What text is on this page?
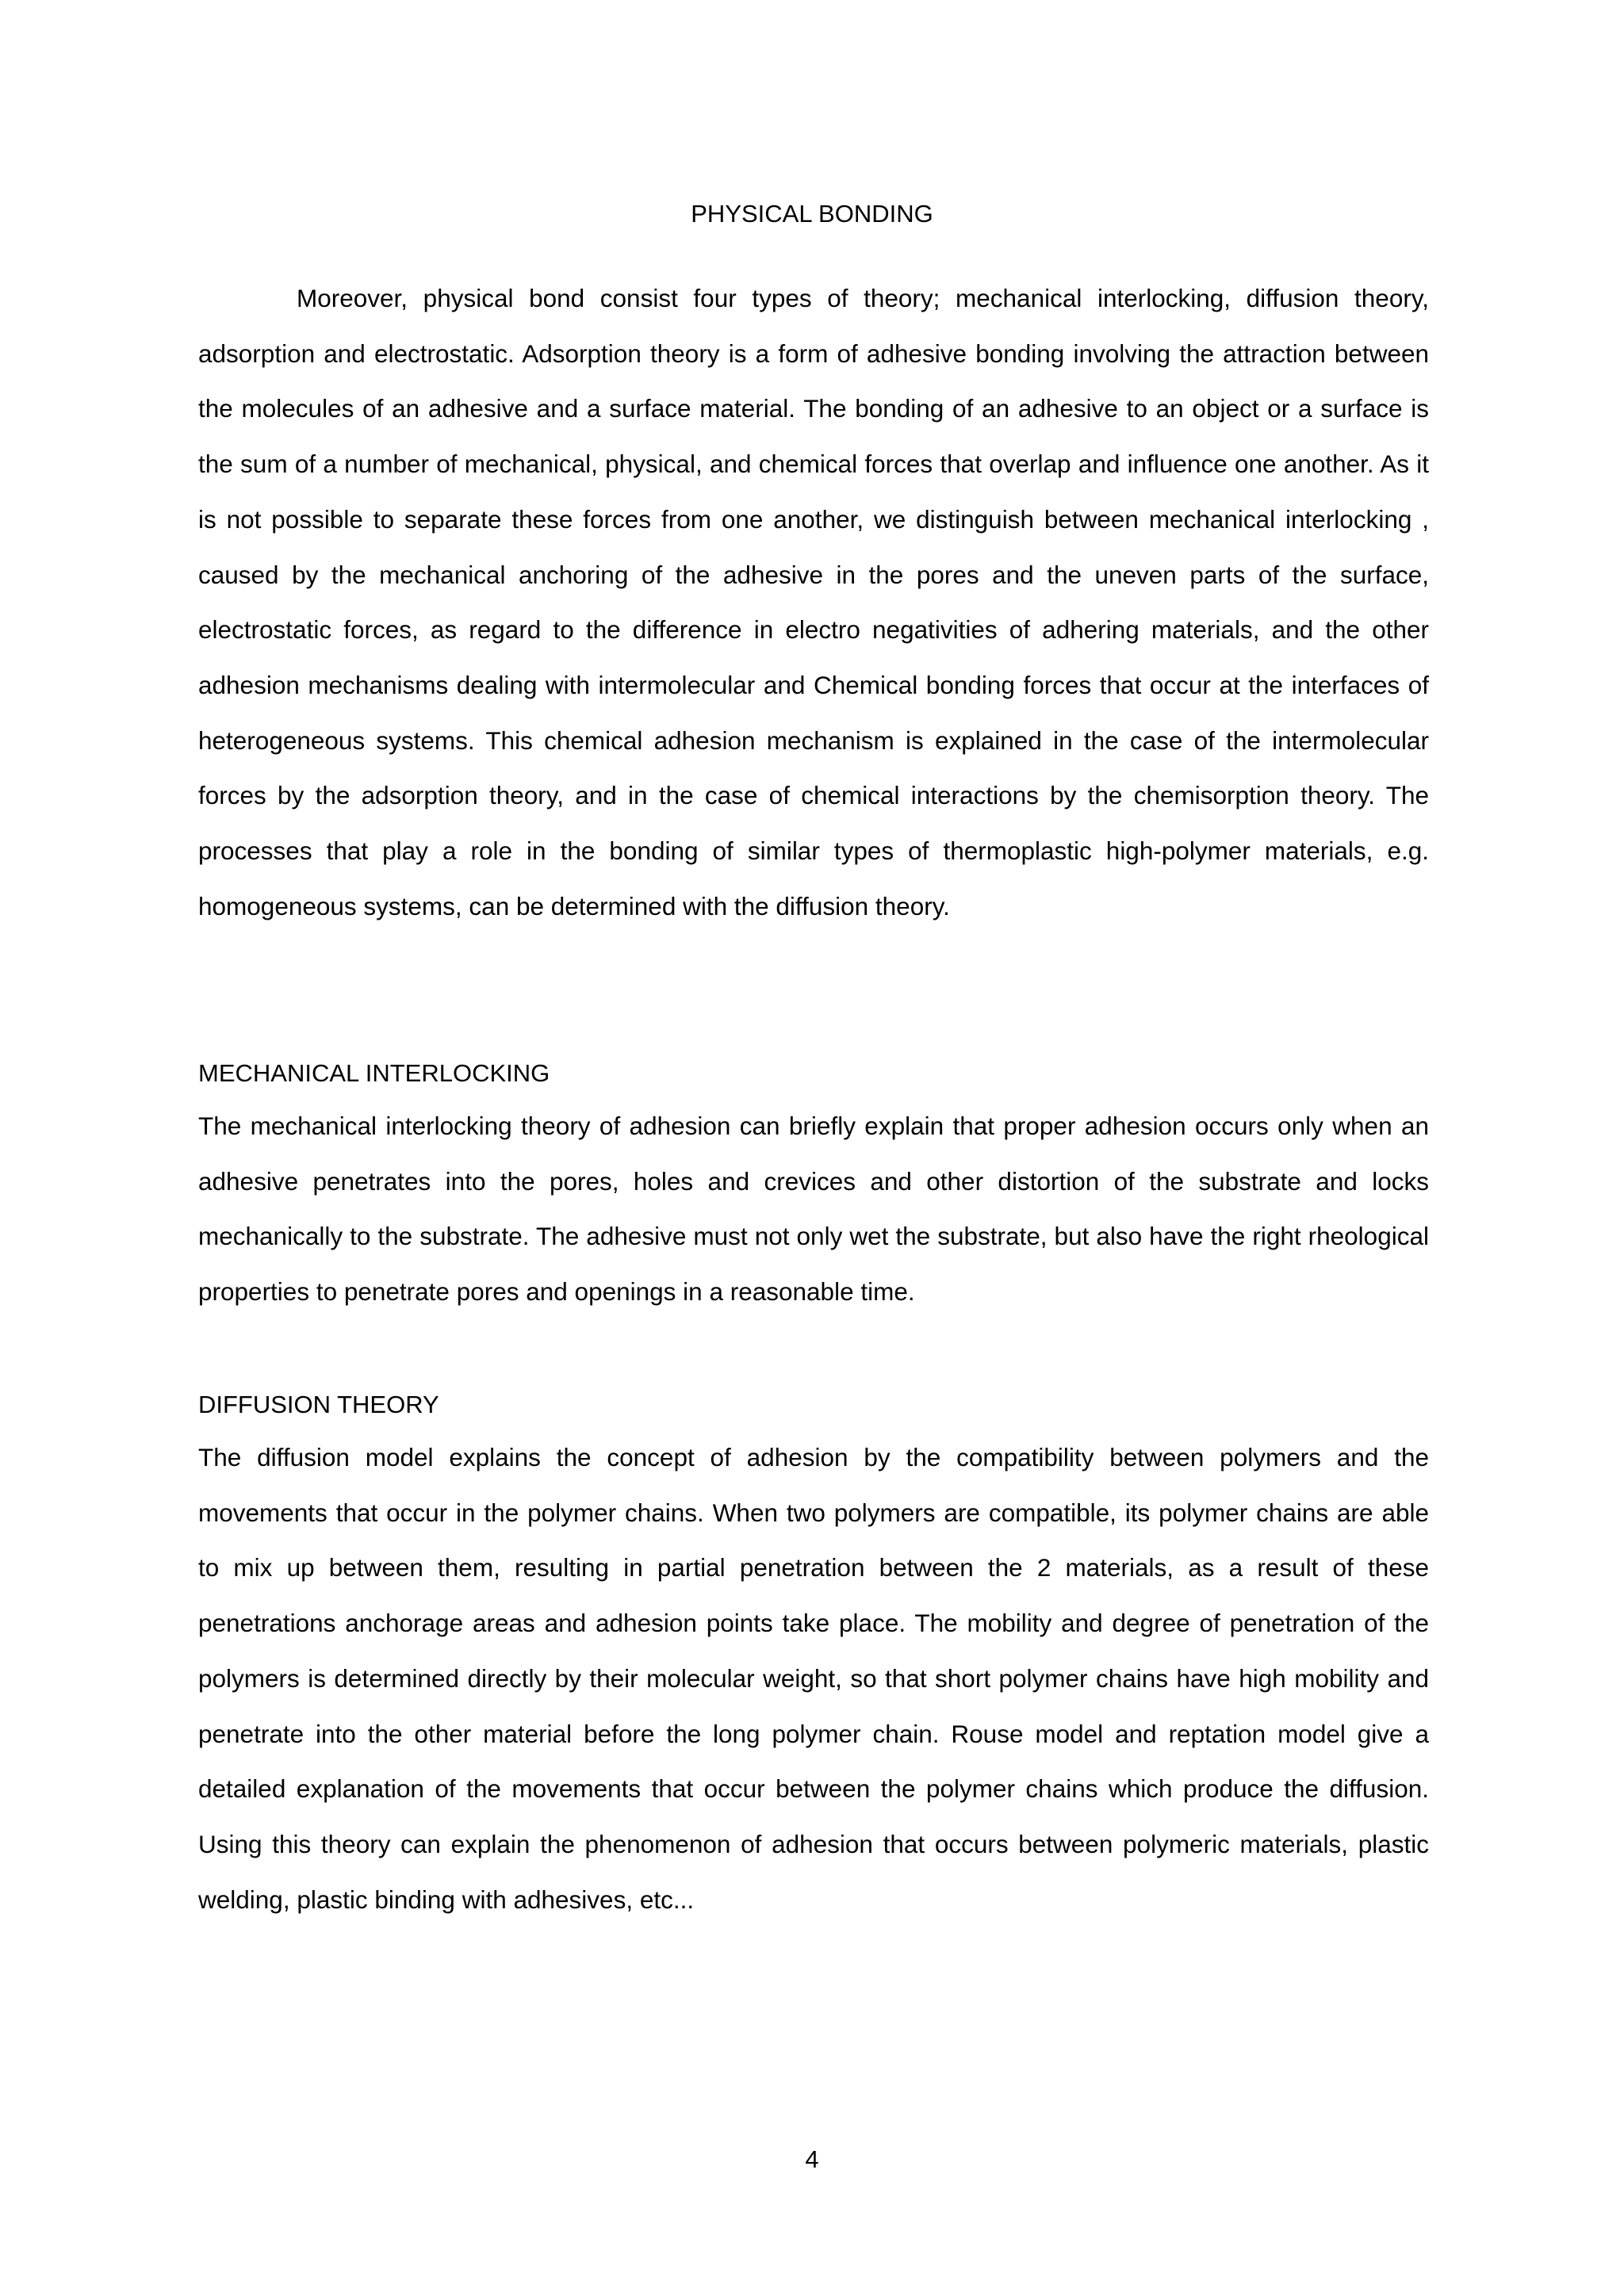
PHYSICAL BONDING

Moreover, physical bond consist four types of theory; mechanical interlocking, diffusion theory, adsorption and electrostatic. Adsorption theory is a form of adhesive bonding involving the attraction between the molecules of an adhesive and a surface material. The bonding of an adhesive to an object or a surface is the sum of a number of mechanical, physical, and chemical forces that overlap and influence one another. As it is not possible to separate these forces from one another, we distinguish between mechanical interlocking , caused by the mechanical anchoring of the adhesive in the pores and the uneven parts of the surface, electrostatic forces, as regard to the difference in electro negativities of adhering materials, and the other adhesion mechanisms dealing with intermolecular and Chemical bonding forces that occur at the interfaces of heterogeneous systems. This chemical adhesion mechanism is explained in the case of the intermolecular forces by the adsorption theory, and in the case of chemical interactions by the chemisorption theory. The processes that play a role in the bonding of similar types of thermoplastic high-polymer materials, e.g. homogeneous systems, can be determined with the diffusion theory.

MECHANICAL INTERLOCKING

The mechanical interlocking theory of adhesion can briefly explain that proper adhesion occurs only when an adhesive penetrates into the pores, holes and crevices and other distortion of the substrate and locks mechanically to the substrate. The adhesive must not only wet the substrate, but also have the right rheological properties to penetrate pores and openings in a reasonable time.

DIFFUSION THEORY

The diffusion model explains the concept of adhesion by the compatibility between polymers and the movements that occur in the polymer chains. When two polymers are compatible, its polymer chains are able to mix up between them, resulting in partial penetration between the 2 materials, as a result of these penetrations anchorage areas and adhesion points take place. The mobility and degree of penetration of the polymers is determined directly by their molecular weight, so that short polymer chains have high mobility and penetrate into the other material before the long polymer chain. Rouse model and reptation model give a detailed explanation of the movements that occur between the polymer chains which produce the diffusion. Using this theory can explain the phenomenon of adhesion that occurs between polymeric materials, plastic welding, plastic binding with adhesives, etc...

4
